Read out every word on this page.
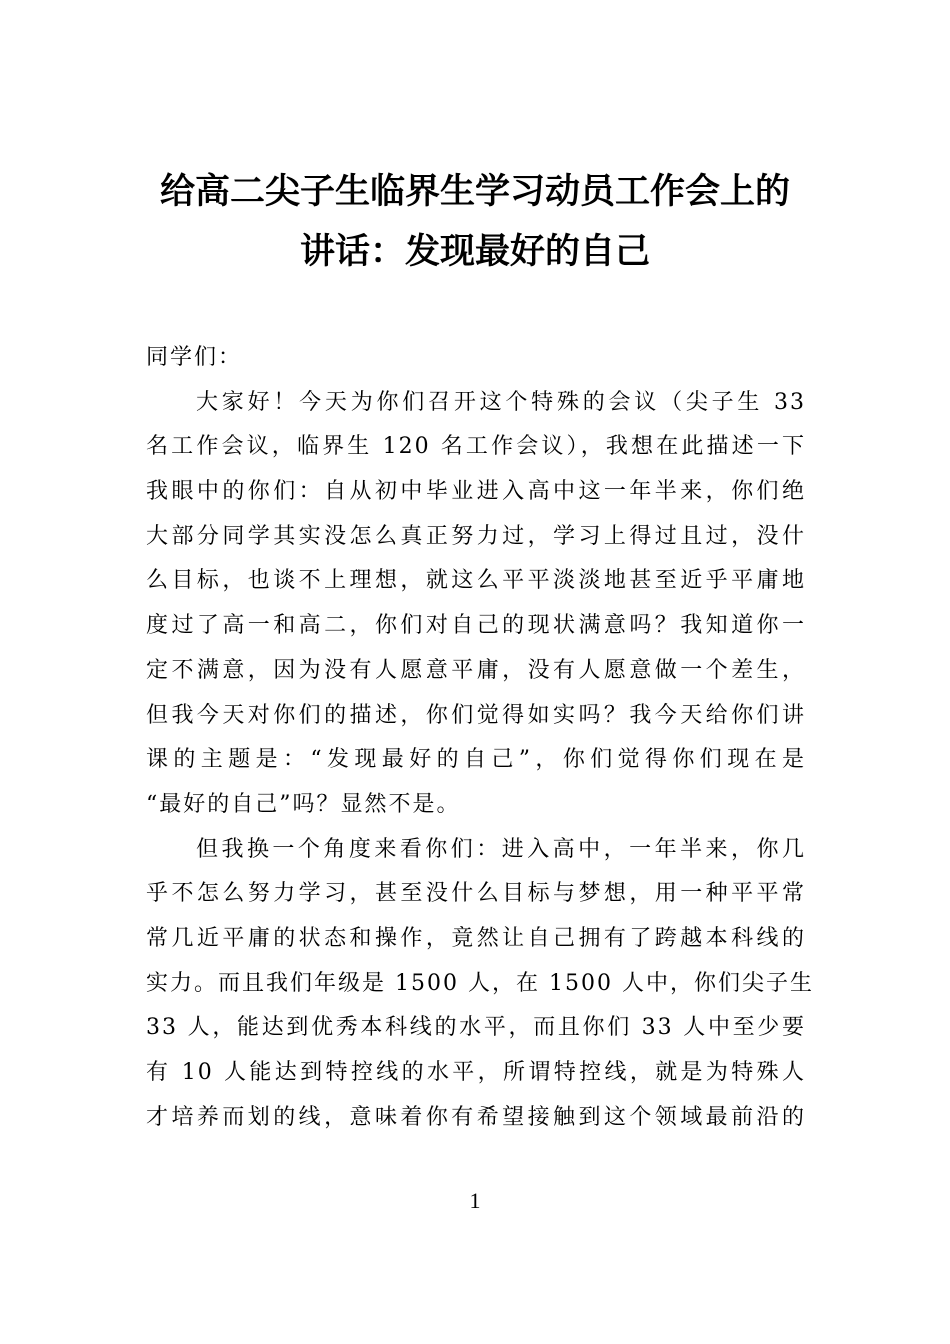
给高二尖子生临界生学习动员工作会上的
讲话：发现最好的自己
同学们：
大家好！今天为你们召开这个特殊的会议（尖子生 33
名工作会议，临界生 120 名工作会议），我想在此描述一下
我眼中的你们：自从初中毕业进入高中这一年半来，你们绝
大部分同学其实没怎么真正努力过，学习上得过且过，没什
么目标，也谈不上理想，就这么平平淡淡地甚至近乎平庸地
度过了高一和高二，你们对自己的现状满意吗？我知道你一
定不满意，因为没有人愿意平庸，没有人愿意做一个差生，
但我今天对你们的描述，你们觉得如实吗？我今天给你们讲
课的主题是：“发现最好的自己”，你们觉得你们现在是
“最好的自己”吗？显然不是。
但我换一个角度来看你们：进入高中，一年半来，你几
乎不怎么努力学习，甚至没什么目标与梦想，用一种平平常
常几近平庸的状态和操作，竟然让自己拥有了跨越本科线的
实力。而且我们年级是 1500 人，在 1500 人中，你们尖子生
33 人，能达到优秀本科线的水平，而且你们 33 人中至少要
有 10 人能达到特控线的水平，所谓特控线，就是为特殊人
才培养而划的线，意味着你有希望接触到这个领域最前沿的
1
